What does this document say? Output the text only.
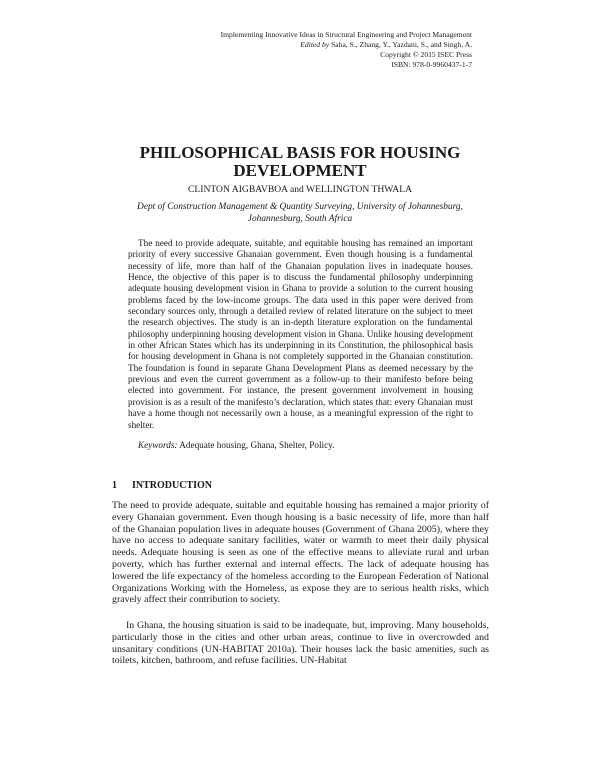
Implementing Innovative Ideas in Structural Engineering and Project Management
Edited by Saha, S., Zhang, Y., Yazdani, S., and Singh, A.
Copyright © 2015 ISEC Press
ISBN: 978-0-9960437-1-7
PHILOSOPHICAL BASIS FOR HOUSING
DEVELOPMENT
CLINTON AIGBAVBOA and WELLINGTON THWALA
Dept of Construction Management & Quantity Surveying, University of Johannesburg,
Johannesburg, South Africa

The need to provide adequate, suitable, and equitable housing has remained an important priority of every successive Ghanaian government. Even though housing is a fundamental necessity of life, more than half of the Ghanaian population lives in inadequate houses. Hence, the objective of this paper is to discuss the fundamental philosophy underpinning adequate housing development vision in Ghana to provide a solution to the current housing problems faced by the low-income groups. The data used in this paper were derived from secondary sources only, through a detailed review of related literature on the subject to meet the research objectives. The study is an in-depth literature exploration on the fundamental philosophy underpinning housing development vision in Ghana. Unlike housing development in other African States which has its underpinning in its Constitution, the philosophical basis for housing development in Ghana is not completely supported in the Ghanaian constitution. The foundation is found in separate Ghana Development Plans as deemed necessary by the previous and even the current government as a follow-up to their manifesto before being elected into government. For instance, the present government involvement in housing provision is as a result of the manifesto’s declaration, which states that: every Ghanaian must have a home though not necessarily own a house, as a meaningful expression of the right to shelter.

Keywords: Adequate housing, Ghana, Shelter, Policy.
1 INTRODUCTION

The need to provide adequate, suitable and equitable housing has remained a major priority of every Ghanaian government. Even though housing is a basic necessity of life, more than half of the Ghanaian population lives in adequate houses (Government of Ghana 2005), where they have no access to adequate sanitary facilities, water or warmth to meet their daily physical needs. Adequate housing is seen as one of the effective means to alleviate rural and urban poverty, which has further external and internal effects. The lack of adequate housing has lowered the life expectancy of the homeless according to the European Federation of National Organizations Working with the Homeless, as expose they are to serious health risks, which gravely affect their contribution to society.

In Ghana, the housing situation is said to be inadequate, but, improving. Many households, particularly those in the cities and other urban areas, continue to live in overcrowded and unsanitary conditions (UN-HABITAT 2010a). Their houses lack the basic amenities, such as toilets, kitchen, bathroom, and refuse facilities. UN-Habitat
